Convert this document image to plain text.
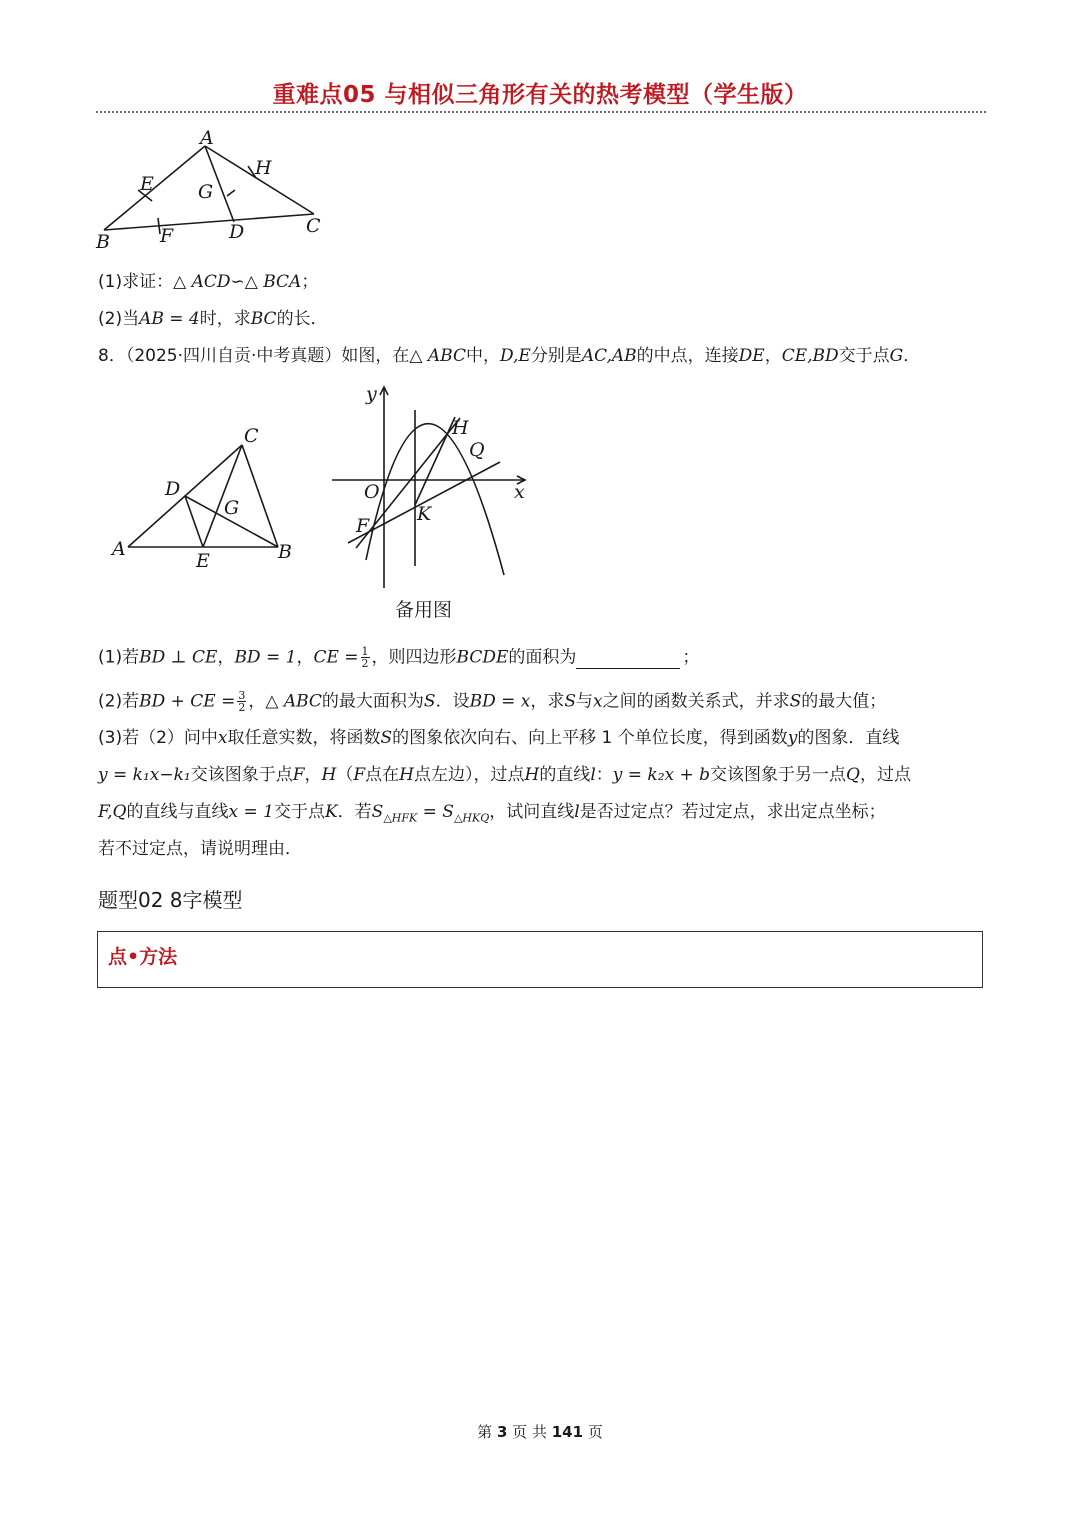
重难点05 与相似三角形有关的热考模型（学生版）
A
E
H
G
B	F	D	C
(1)求证：△ ACD∽△ BCA；
(2)当AB = 4时，求BC的长．
8．（2025·四川自贡·中考真题）如图，在△ ABC中，D,E分别是AC,AB的中点，连接DE，CE,BD交于点G．
C
D
G
A
E	B
y
H
Q
O	x
F
K
备用图
(1)若BD ⊥ CE，BD = 1，CE = $\frac{1}{2}$ ，则四边形BCDE的面积为	；
(2)若BD + CE = $\frac{3}{2}$ ，△ ABC的最大面积为S．设BD = x，求S与x之间的函数关系式，并求S的最大值；
(3)若（2）问中x取任意实数，将函数S的图象依次向右、向上平移 1 个单位长度，得到函数y的图象．直线
y = k₁x−k₁交该图象于点F，H（F点在H点左边），过点H的直线l：y = k₂x + b交该图象于另一点Q，过点
F,Q的直线与直线x = 1交于点K．若$S_{\triangle HFK} = S_{\triangle HKQ}$，试问直线l是否过定点？若过定点，求出定点坐标；
若不过定点，请说明理由．
题型02 8字模型
点•方法
第 3 页 共 141 页
